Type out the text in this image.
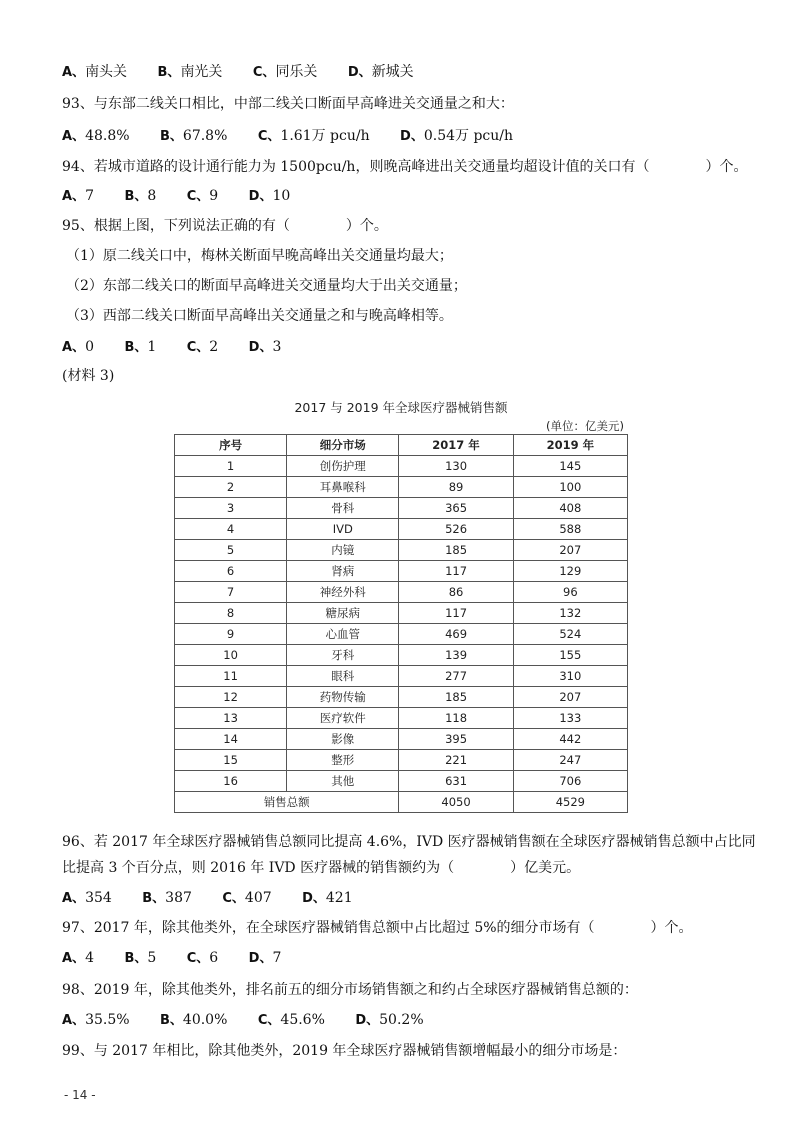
A、南头关 B、南光关 C、同乐关 D、新城关
93、与东部二线关口相比，中部二线关口断面早高峰进关交通量之和大：
A、48.8% B、67.8% C、1.61万 pcu/h D、0.54万 pcu/h
94、若城市道路的设计通行能力为 1500pcu/h，则晚高峰进出关交通量均超设计值的关口有（　　　　）个。
A、7 B、8 C、9 D、10
95、根据上图，下列说法正确的有（　　　　）个。
（1）原二线关口中，梅林关断面早晚高峰出关交通量均最大；
（2）东部二线关口的断面早高峰进关交通量均大于出关交通量；
（3）西部二线关口断面早高峰出关交通量之和与晚高峰相等。
A、0 B、1 C、2 D、3
(材料 3)
2017 与 2019 年全球医疗器械销售额
(单位：亿美元)
序号	细分市场	2017 年	2019 年
1	创伤护理	130	145
2	耳鼻喉科	89	100
3	骨科	365	408
4	IVD	526	588
5	内镜	185	207
6	肾病	117	129
7	神经外科	86	96
8	糖尿病	117	132
9	心血管	469	524
10	牙科	139	155
11	眼科	277	310
12	药物传输	185	207
13	医疗软件	118	133
14	影像	395	442
15	整形	221	247
16	其他	631	706
销售总额		4050	4529
96、若 2017 年全球医疗器械销售总额同比提高 4.6%，IVD 医疗器械销售额在全球医疗器械销售总额中占比同
比提高 3 个百分点，则 2016 年 IVD 医疗器械的销售额约为（　　　　）亿美元。
A、354 B、387 C、407 D、421
97、2017 年，除其他类外，在全球医疗器械销售总额中占比超过 5%的细分市场有（　　　　）个。
A、4 B、5 C、6 D、7
98、2019 年，除其他类外，排名前五的细分市场销售额之和约占全球医疗器械销售总额的：
A、35.5% B、40.0% C、45.6% D、50.2%
99、与 2017 年相比，除其他类外，2019 年全球医疗器械销售额增幅最小的细分市场是：
- 14 -
